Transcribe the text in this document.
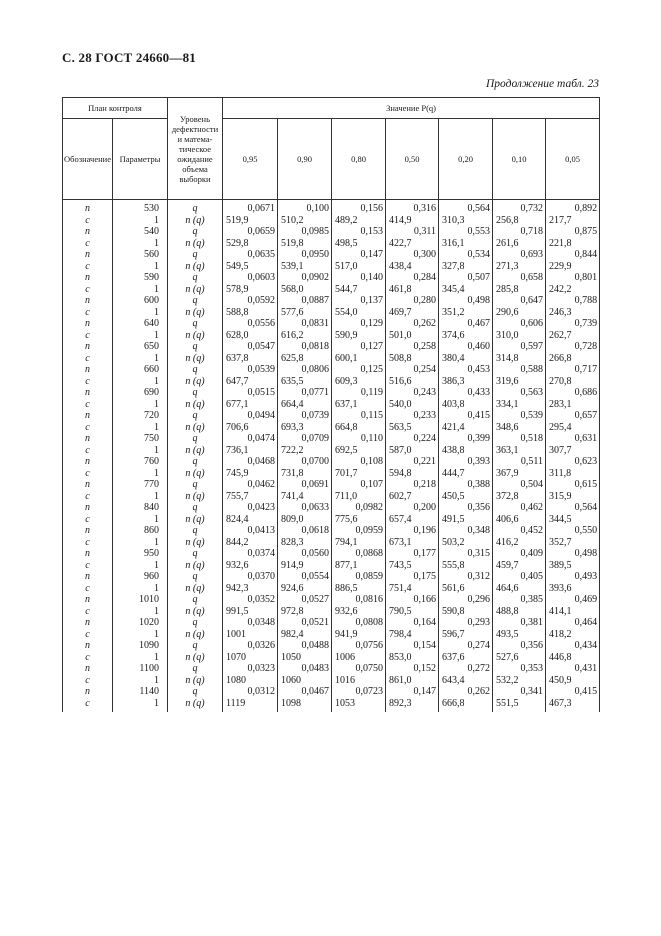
С. 28 ГОСТ 24660—81
Продолжение табл. 23
План контроля		Уровень дефектности и математическое ожидание объема выборки	Значение P(q)						
Обозначение	Параметры		0,95	0,90	0,80	0,50	0,20	0,10	0,05
n	530	q	0,0671	0,100	0,156	0,316	0,564	0,732	0,892
c	1	n (q)	519,9	510,2	489,2	414,9	310,3	256,8	217,7
n	540	q	0,0659	0,0985	0,153	0,311	0,553	0,718	0,875
c	1	n (q)	529,8	519,8	498,5	422,7	316,1	261,6	221,8
n	560	q	0,0635	0,0950	0,147	0,300	0,534	0,693	0,844
c	1	n (q)	549,5	539,1	517,0	438,4	327,8	271,3	229,9
n	590	q	0,0603	0,0902	0,140	0,284	0,507	0,658	0,801
c	1	n (q)	578,9	568,0	544,7	461,8	345,4	285,8	242,2
n	600	q	0,0592	0,0887	0,137	0,280	0,498	0,647	0,788
c	1	n (q)	588,8	577,6	554,0	469,7	351,2	290,6	246,3
n	640	q	0,0556	0,0831	0,129	0,262	0,467	0,606	0,739
c	1	n (q)	628,0	616,2	590,9	501,0	374,6	310,0	262,7
n	650	q	0,0547	0,0818	0,127	0,258	0,460	0,597	0,728
c	1	n (q)	637,8	625,8	600,1	508,8	380,4	314,8	266,8
n	660	q	0,0539	0,0806	0,125	0,254	0,453	0,588	0,717
c	1	n (q)	647,7	635,5	609,3	516,6	386,3	319,6	270,8
n	690	q	0,0515	0,0771	0,119	0,243	0,433	0,563	0,686
c	1	n (q)	677,1	664,4	637,1	540,0	403,8	334,1	283,1
n	720	q	0,0494	0,0739	0,115	0,233	0,415	0,539	0,657
c	1	n (q)	706,6	693,3	664,8	563,5	421,4	348,6	295,4
n	750	q	0,0474	0,0709	0,110	0,224	0,399	0,518	0,631
c	1	n (q)	736,1	722,2	692,5	587,0	438,8	363,1	307,7
n	760	q	0,0468	0,0700	0,108	0,221	0,393	0,511	0,623
c	1	n (q)	745,9	731,8	701,7	594,8	444,7	367,9	311,8
n	770	q	0,0462	0,0691	0,107	0,218	0,388	0,504	0,615
c	1	n (q)	755,7	741,4	711,0	602,7	450,5	372,8	315,9
n	840	q	0,0423	0,0633	0,0982	0,200	0,356	0,462	0,564
c	1	n (q)	824,4	809,0	775,6	657,4	491,5	406,6	344,5
n	860	q	0,0413	0,0618	0,0959	0,196	0,348	0,452	0,550
c	1	n (q)	844,2	828,3	794,1	673,1	503,2	416,2	352,7
n	950	q	0,0374	0,0560	0,0868	0,177	0,315	0,409	0,498
c	1	n (q)	932,6	914,9	877,1	743,5	555,8	459,7	389,5
n	960	q	0,0370	0,0554	0,0859	0,175	0,312	0,405	0,493
c	1	n (q)	942,3	924,6	886,5	751,4	561,6	464,6	393,6
n	1010	q	0,0352	0,0527	0,0816	0,166	0,296	0,385	0,469
c	1	n (q)	991,5	972,8	932,6	790,5	590,8	488,8	414,1
n	1020	q	0,0348	0,0521	0,0808	0,164	0,293	0,381	0,464
c	1	n (q)	1001	982,4	941,9	798,4	596,7	493,5	418,2
n	1090	q	0,0326	0,0488	0,0756	0,154	0,274	0,356	0,434
c	1	n (q)	1070	1050	1006	853,0	637,6	527,6	446,8
n	1100	q	0,0323	0,0483	0,0750	0,152	0,272	0,353	0,431
c	1	n (q)	1080	1060	1016	861,0	643,4	532,2	450,9
n	1140	q	0,0312	0,0467	0,0723	0,147	0,262	0,341	0,415
c	1	n (q)	1119	1098	1053	892,3	666,8	551,5	467,3
